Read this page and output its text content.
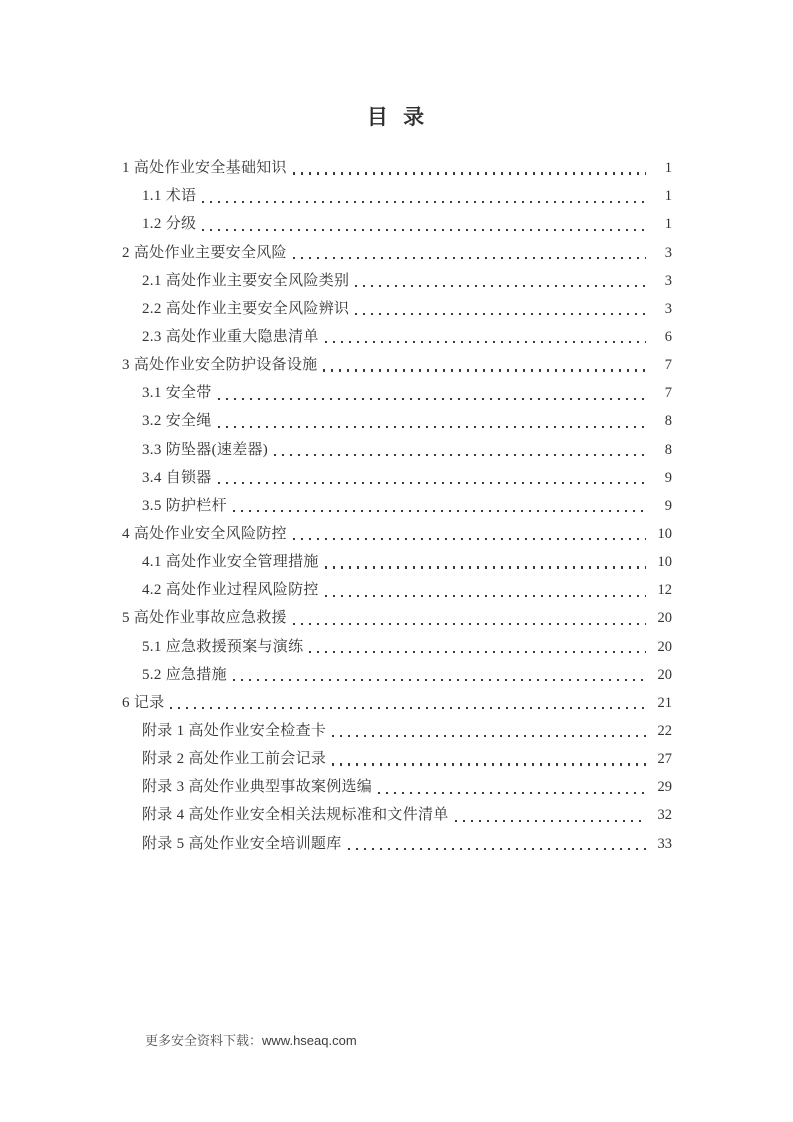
目 录
1 高处作业安全基础知识	1
1.1 术语	1
1.2 分级	1
2 高处作业主要安全风险	3
2.1 高处作业主要安全风险类别	3
2.2 高处作业主要安全风险辨识	3
2.3 高处作业重大隐患清单	6
3 高处作业安全防护设备设施	7
3.1 安全带	7
3.2 安全绳	8
3.3 防坠器(速差器)	8
3.4 自锁器	9
3.5 防护栏杆	9
4 高处作业安全风险防控	10
4.1 高处作业安全管理措施	10
4.2 高处作业过程风险防控	12
5 高处作业事故应急救援	20
5.1 应急救援预案与演练	20
5.2 应急措施	20
6 记录	21
附录 1 高处作业安全检查卡	22
附录 2 高处作业工前会记录	27
附录 3 高处作业典型事故案例选编	29
附录 4 高处作业安全相关法规标准和文件清单	32
附录 5 高处作业安全培训题库	33
更多安全资料下载：www.hseaq.com
